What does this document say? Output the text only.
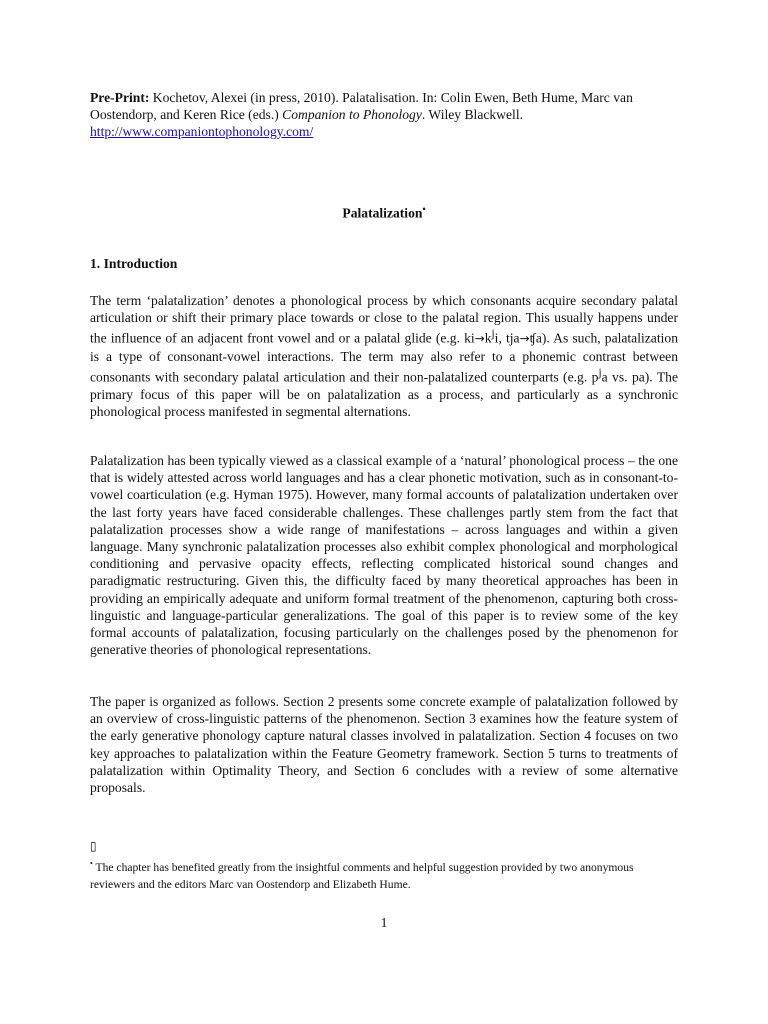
Pre-Print: Kochetov, Alexei (in press, 2010). Palatalisation. In: Colin Ewen, Beth Hume, Marc van Oostendorp, and Keren Rice (eds.) Companion to Phonology. Wiley Blackwell.
http://www.companiontophonology.com/
Palatalization•
1. Introduction

The term ‘palatalization’ denotes a phonological process by which consonants acquire secondary palatal articulation or shift their primary place towards or close to the palatal region. This usually happens under the influence of an adjacent front vowel and or a palatal glide (e.g. $ki\to k^ji$, tja→ʧa). As such, palatalization is a type of consonant-vowel interactions. The term may also refer to a phonemic contrast between consonants with secondary palatal articulation and their non-palatalized counterparts (e.g. $p^ja$ vs. pa). The primary focus of this paper will be on palatalization as a process, and particularly as a synchronic phonological process manifested in segmental alternations.

Palatalization has been typically viewed as a classical example of a ‘natural’ phonological process – the one that is widely attested across world languages and has a clear phonetic motivation, such as in consonant-to-vowel coarticulation (e.g. Hyman 1975). However, many formal accounts of palatalization undertaken over the last forty years have faced considerable challenges. These challenges partly stem from the fact that palatalization processes show a wide range of manifestations – across languages and within a given language. Many synchronic palatalization processes also exhibit complex phonological and morphological conditioning and pervasive opacity effects, reflecting complicated historical sound changes and paradigmatic restructuring. Given this, the difficulty faced by many theoretical approaches has been in providing an empirically adequate and uniform formal treatment of the phenomenon, capturing both cross-linguistic and language-particular generalizations. The goal of this paper is to review some of the key formal accounts of palatalization, focusing particularly on the challenges posed by the phenomenon for generative theories of phonological representations.

The paper is organized as follows. Section 2 presents some concrete example of palatalization followed by an overview of cross-linguistic patterns of the phenomenon. Section 3 examines how the feature system of the early generative phonology capture natural classes involved in palatalization. Section 4 focuses on two key approaches to palatalization within the Feature Geometry framework. Section 5 turns to treatments of palatalization within Optimality Theory, and Section 6 concludes with a review of some alternative proposals.

▯
• The chapter has benefited greatly from the insightful comments and helpful suggestion provided by two anonymous reviewers and the editors Marc van Oostendorp and Elizabeth Hume.
1
